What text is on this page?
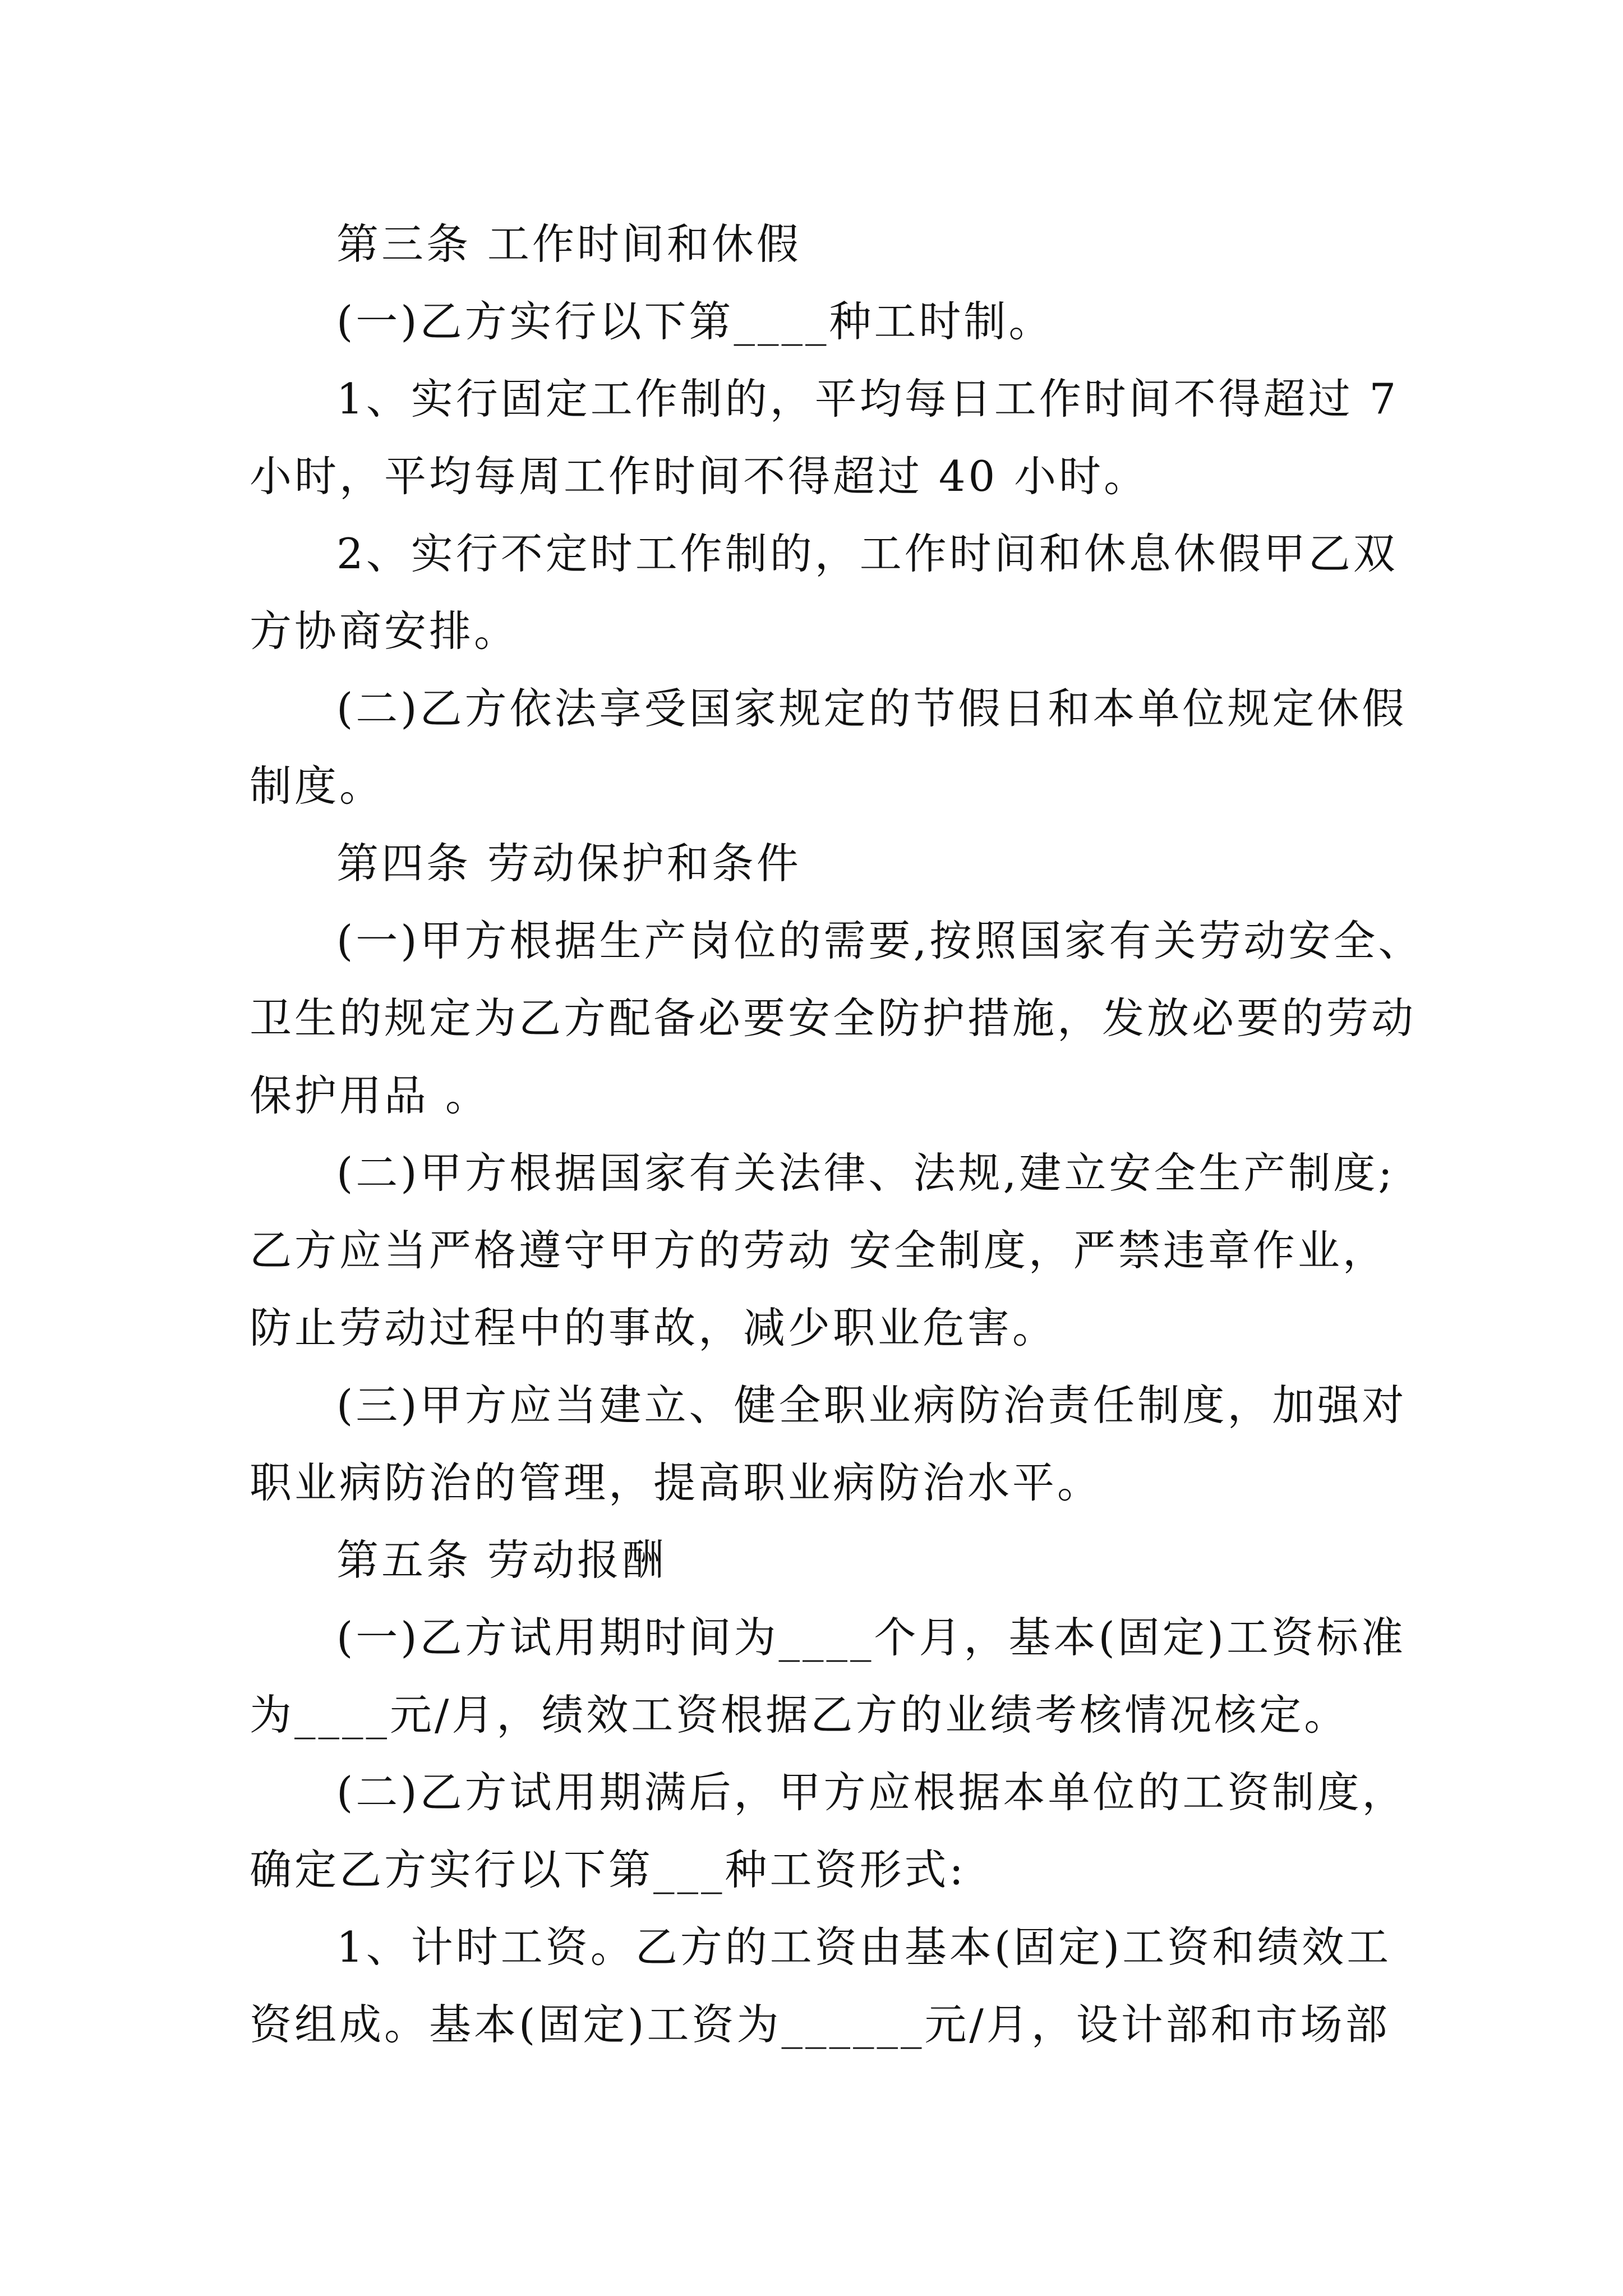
第三条 工作时间和休假
(一)乙方实行以下第____种工时制。
1、实行固定工作制的，平均每日工作时间不得超过 7
小时，平均每周工作时间不得超过 40 小时。
2、实行不定时工作制的，工作时间和休息休假甲乙双
方协商安排。
(二)乙方依法享受国家规定的节假日和本单位规定休假
制度。
第四条 劳动保护和条件
(一)甲方根据生产岗位的需要,按照国家有关劳动安全、
卫生的规定为乙方配备必要安全防护措施，发放必要的劳动
保护用品 。
(二)甲方根据国家有关法律、法规,建立安全生产制度;
乙方应当严格遵守甲方的劳动 安全制度，严禁违章作业，
防止劳动过程中的事故，减少职业危害。
(三)甲方应当建立、健全职业病防治责任制度，加强对
职业病防治的管理，提高职业病防治水平。
第五条 劳动报酬
(一)乙方试用期时间为____个月，基本(固定)工资标准
为____元/月，绩效工资根据乙方的业绩考核情况核定。
(二)乙方试用期满后，甲方应根据本单位的工资制度，
确定乙方实行以下第___种工资形式:
1、计时工资。乙方的工资由基本(固定)工资和绩效工
资组成。基本(固定)工资为______元/月，设计部和市场部
